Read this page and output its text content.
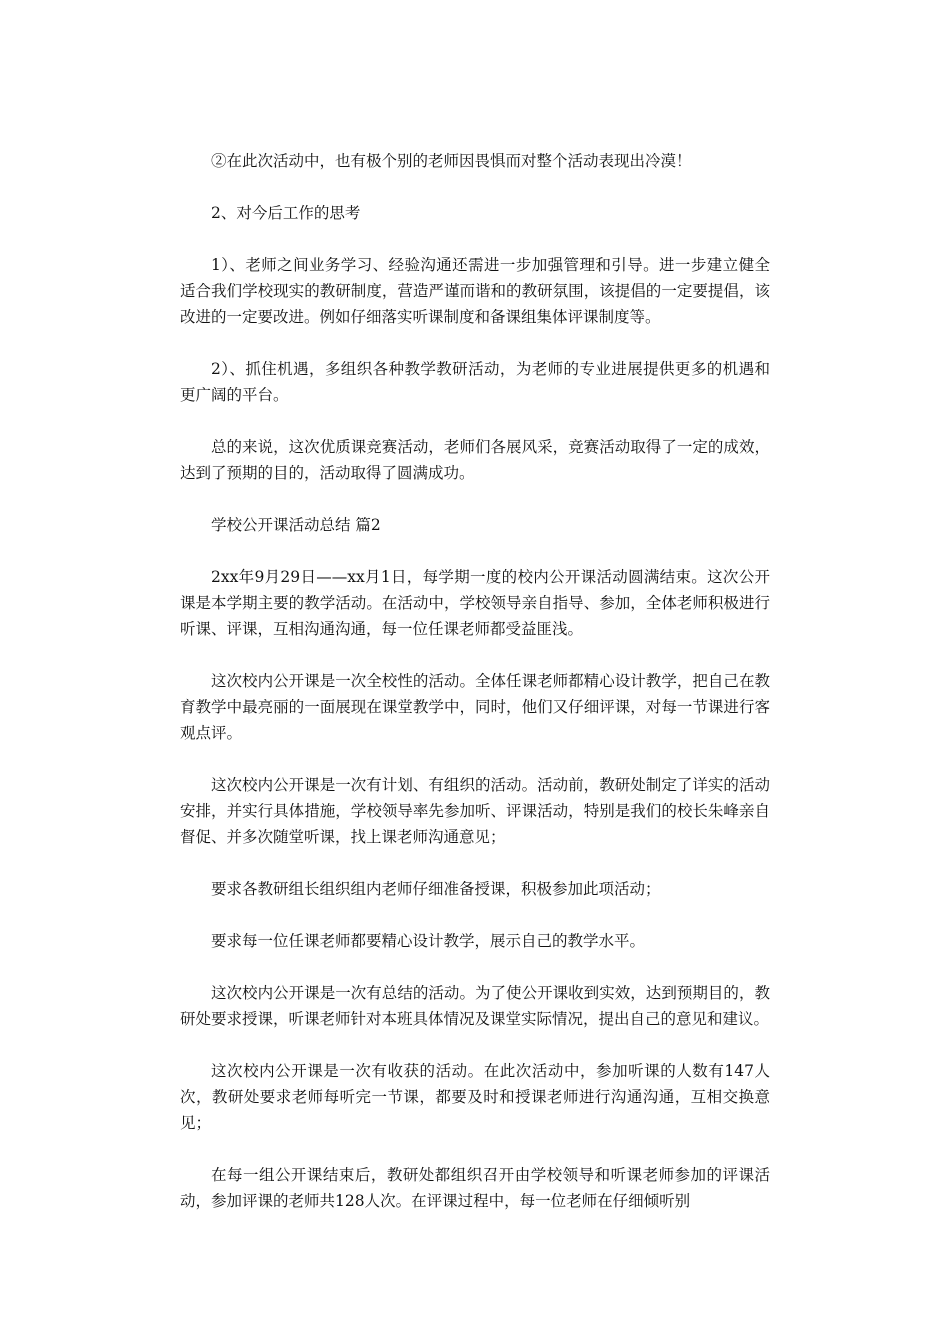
②在此次活动中，也有极个别的老师因畏惧而对整个活动表现出冷漠！

2、对今后工作的思考

1）、老师之间业务学习、经验沟通还需进一步加强管理和引导。进一步建立健全适合我们学校现实的教研制度，营造严谨而谐和的教研氛围，该提倡的一定要提倡，该改进的一定要改进。例如仔细落实听课制度和备课组集体评课制度等。

2）、抓住机遇，多组织各种教学教研活动，为老师的专业进展提供更多的机遇和更广阔的平台。

总的来说，这次优质课竞赛活动，老师们各展风采，竞赛活动取得了一定的成效，达到了预期的目的，活动取得了圆满成功。

学校公开课活动总结 篇2

2xx年9月29日——xx月1日，每学期一度的校内公开课活动圆满结束。这次公开课是本学期主要的教学活动。在活动中，学校领导亲自指导、参加，全体老师积极进行听课、评课，互相沟通沟通，每一位任课老师都受益匪浅。

这次校内公开课是一次全校性的活动。全体任课老师都精心设计教学，把自己在教育教学中最亮丽的一面展现在课堂教学中，同时，他们又仔细评课，对每一节课进行客观点评。

这次校内公开课是一次有计划、有组织的活动。活动前，教研处制定了详实的活动安排，并实行具体措施，学校领导率先参加听、评课活动，特别是我们的校长朱峰亲自督促、并多次随堂听课，找上课老师沟通意见；

要求各教研组长组织组内老师仔细准备授课，积极参加此项活动；

要求每一位任课老师都要精心设计教学，展示自己的教学水平。

这次校内公开课是一次有总结的活动。为了使公开课收到实效，达到预期目的，教研处要求授课，听课老师针对本班具体情况及课堂实际情况，提出自己的意见和建议。

这次校内公开课是一次有收获的活动。在此次活动中，参加听课的人数有147人次，教研处要求老师每听完一节课，都要及时和授课老师进行沟通沟通，互相交换意见；

在每一组公开课结束后，教研处都组织召开由学校领导和听课老师参加的评课活动，参加评课的老师共128人次。在评课过程中，每一位老师在仔细倾听别
